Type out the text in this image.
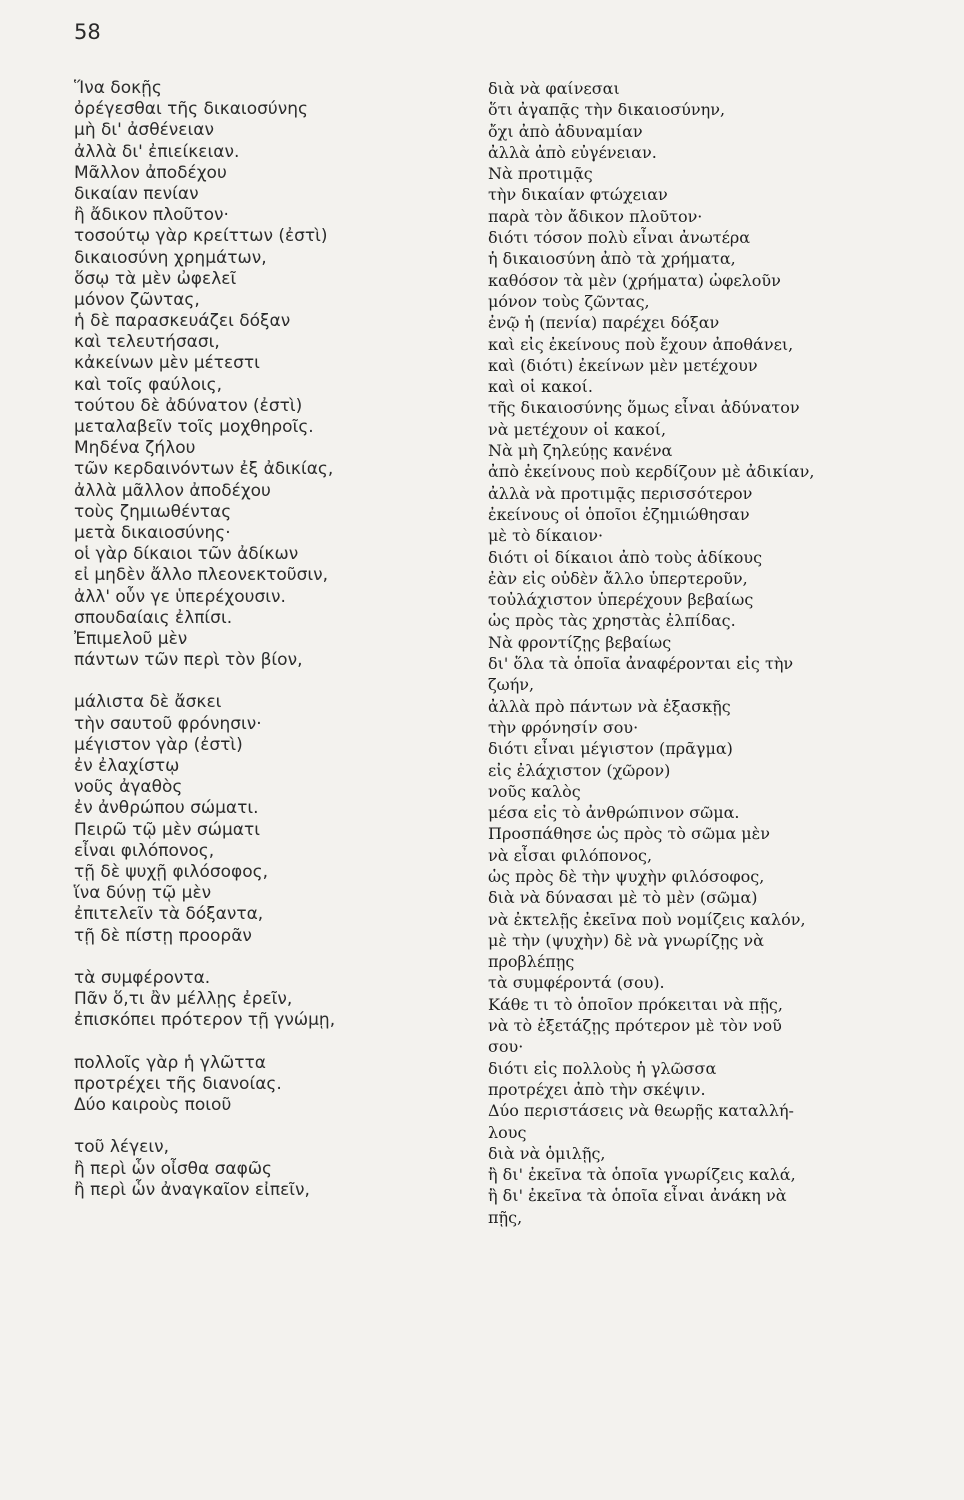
58
Ἵνα δοκῇς
ὀρέγεσθαι τῆς δικαιοσύνης
μὴ δι' ἀσθένειαν
ἀλλὰ δι' ἐπιείκειαν.
Μᾶλλον ἀποδέχου
δικαίαν πενίαν
ἢ ἄδικον πλοῦτον·
τοσούτῳ γὰρ κρείττων (ἐστὶ)
δικαιοσύνη χρημάτων,
ὅσῳ τὰ μὲν ὠφελεῖ
μόνον ζῶντας,
ἡ δὲ παρασκευάζει δόξαν
καὶ τελευτήσασι,
κἀκείνων μὲν μέτεστι
καὶ τοῖς φαύλοις,
τούτου δὲ ἀδύνατον (ἐστὶ)
μεταλαβεῖν τοῖς μοχθηροῖς.
Μηδένα ζήλου
τῶν κερδαινόντων ἐξ ἀδικίας,
ἀλλὰ μᾶλλον ἀποδέχου
τοὺς ζημιωθέντας
μετὰ δικαιοσύνης·
οἱ γὰρ δίκαιοι τῶν ἀδίκων
εἰ μηδὲν ἄλλο πλεονεκτοῦσιν,
ἀλλ' οὖν γε ὑπερέχουσιν.
σπουδαίαις ἐλπίσι.
Ἐπιμελοῦ μὲν
πάντων τῶν περὶ τὸν βίον,
μάλιστα δὲ ἄσκει
τὴν σαυτοῦ φρόνησιν·
μέγιστον γὰρ (ἐστὶ)
ἐν ἐλαχίστῳ
νοῦς ἀγαθὸς
ἐν ἀνθρώπου σώματι.
Πειρῶ τῷ μὲν σώματι
εἶναι φιλόπονος,
τῇ δὲ ψυχῇ φιλόσοφος,
ἵνα δύνῃ τῷ μὲν
ἐπιτελεῖν τὰ δόξαντα,
τῇ δὲ πίστῃ προορᾶν
τὰ συμφέροντα.
Πᾶν ὅ,τι ἂν μέλλῃς ἐρεῖν,
ἐπισκόπει πρότερον τῇ γνώμῃ,
πολλοῖς γὰρ ἡ γλῶττα
προτρέχει τῆς διανοίας.
Δύο καιροὺς ποιοῦ
τοῦ λέγειν,
ἢ περὶ ὧν οἶσθα σαφῶς
ἢ περὶ ὧν ἀναγκαῖον εἰπεῖν,
διὰ νὰ φαίνεσαι
ὅτι ἀγαπᾷς τὴν δικαιοσύνην,
ὄχι ἀπὸ ἀδυναμίαν
ἀλλὰ ἀπὸ εὐγένειαν.
Νὰ προτιμᾷς
τὴν δικαίαν φτώχειαν
παρὰ τὸν ἄδικον πλοῦτον·
διότι τόσον πολὺ εἶναι ἀνωτέρα
ἡ δικαιοσύνη ἀπὸ τὰ χρήματα,
καθόσον τὰ μὲν (χρήματα) ὠφελοῦν
μόνον τοὺς ζῶντας,
ἐνῷ ἡ (πενία) παρέχει δόξαν
καὶ εἰς ἐκείνους ποὺ ἔχουν ἀποθάνει,
καὶ (διότι) ἐκείνων μὲν μετέχουν
καὶ οἱ κακοί.
τῆς δικαιοσύνης ὅμως εἶναι ἀδύνατον
νὰ μετέχουν οἱ κακοί,
Νὰ μὴ ζηλεύῃς κανένα
ἀπὸ ἐκείνους ποὺ κερδίζουν μὲ ἀδικίαν,
ἀλλὰ νὰ προτιμᾷς περισσότερον
ἐκείνους οἱ ὁποῖοι ἐζημιώθησαν
μὲ τὸ δίκαιον·
διότι οἱ δίκαιοι ἀπὸ τοὺς ἀδίκους
ἐὰν εἰς οὐδὲν ἄλλο ὑπερτεροῦν,
τοὐλάχιστον ὑπερέχουν βεβαίως
ὡς πρὸς τὰς χρηστὰς ἐλπίδας.
Νὰ φροντίζῃς βεβαίως
δι' ὅλα τὰ ὁποῖα ἀναφέρονται εἰς τὴν
ζωήν,
ἀλλὰ πρὸ πάντων νὰ ἐξασκῇς
τὴν φρόνησίν σου·
διότι εἶναι μέγιστον (πρᾶγμα)
εἰς ἐλάχιστον (χῶρον)
νοῦς καλὸς
μέσα εἰς τὸ ἀνθρώπινον σῶμα.
Προσπάθησε ὡς πρὸς τὸ σῶμα μὲν
νὰ εἶσαι φιλόπονος,
ὡς πρὸς δὲ τὴν ψυχὴν φιλόσοφος,
διὰ νὰ δύνασαι μὲ τὸ μὲν (σῶμα)
νὰ ἐκτελῇς ἐκεῖνα ποὺ νομίζεις καλόν,
μὲ τὴν (ψυχὴν) δὲ νὰ γνωρίζῃς νὰ
προβλέπῃς
τὰ συμφέροντά (σου).
Κάθε τι τὸ ὁποῖον πρόκειται νὰ πῇς,
νὰ τὸ ἐξετάζῃς πρότερον μὲ τὸν νοῦ
σου·
διότι εἰς πολλοὺς ἡ γλῶσσα
προτρέχει ἀπὸ τὴν σκέψιν.
Δύο περιστάσεις νὰ θεωρῇς καταλλή-
λους
διὰ νὰ ὁμιλῇς,
ἢ δι' ἐκεῖνα τὰ ὁποῖα γνωρίζεις καλά,
ἢ δι' ἐκεῖνα τὰ ὁποῖα εἶναι ἀνάκη νὰ
πῇς,
